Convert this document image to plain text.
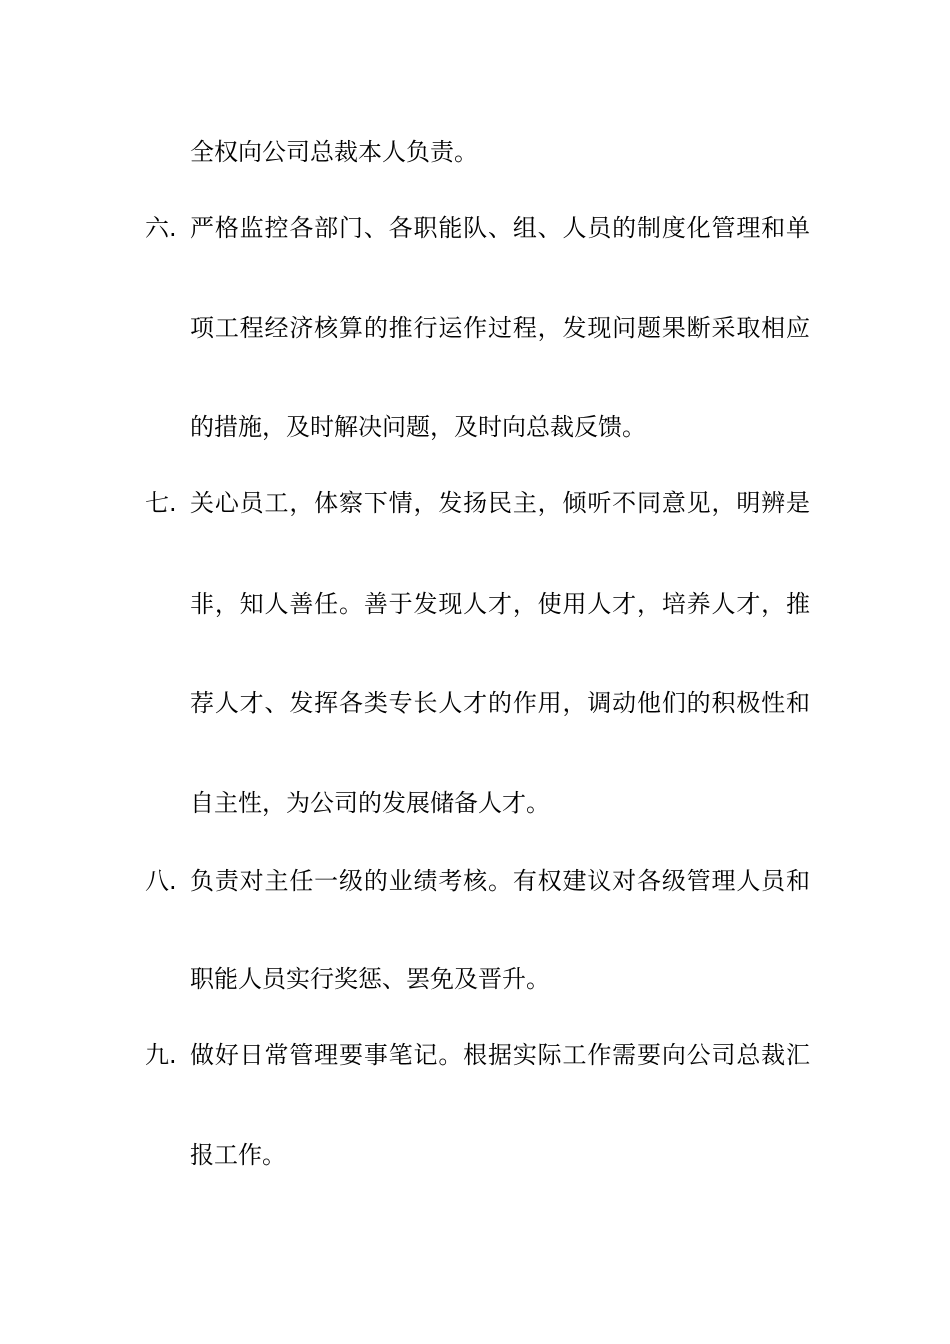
全权向公司总裁本人负责。
六. 严格监控各部门、各职能队、组、人员的制度化管理和单
项工程经济核算的推行运作过程，发现问题果断采取相应
的措施，及时解决问题，及时向总裁反馈。
七. 关心员工，体察下情，发扬民主，倾听不同意见，明辨是
非，知人善任。善于发现人才，使用人才，培养人才，推
荐人才、发挥各类专长人才的作用，调动他们的积极性和
自主性，为公司的发展储备人才。
八. 负责对主任一级的业绩考核。有权建议对各级管理人员和
职能人员实行奖惩、罢免及晋升。
九. 做好日常管理要事笔记。根据实际工作需要向公司总裁汇
报工作。
